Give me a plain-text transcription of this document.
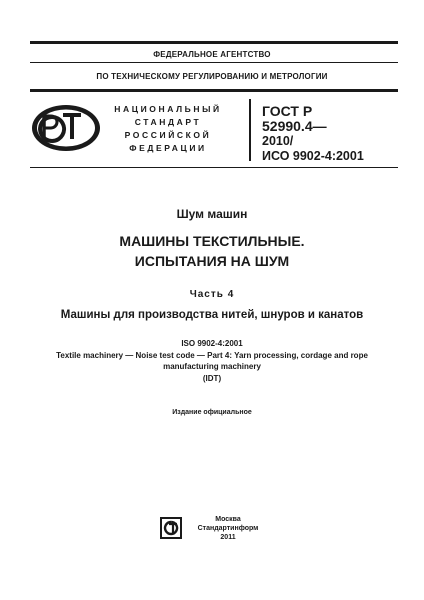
ФЕДЕРАЛЬНОЕ АГЕНТСТВО
ПО ТЕХНИЧЕСКОМУ РЕГУЛИРОВАНИЮ И МЕТРОЛОГИИ
НАЦИОНАЛЬНЫЙ
СТАНДАРТ
РОССИЙСКОЙ
ФЕДЕРАЦИИ
ГОСТ Р
52990.4—
2010/
ИСО 9902-4:2001
Шум машин
МАШИНЫ ТЕКСТИЛЬНЫЕ.
ИСПЫТАНИЯ НА ШУМ
Часть 4
Машины для производства нитей, шнуров и канатов
ISO 9902-4:2001
Textile machinery — Noise test code — Part 4: Yarn processing, cordage and rope
manufacturing machinery
(IDT)
Издание официальное
Москва
Стандартинформ
2011
